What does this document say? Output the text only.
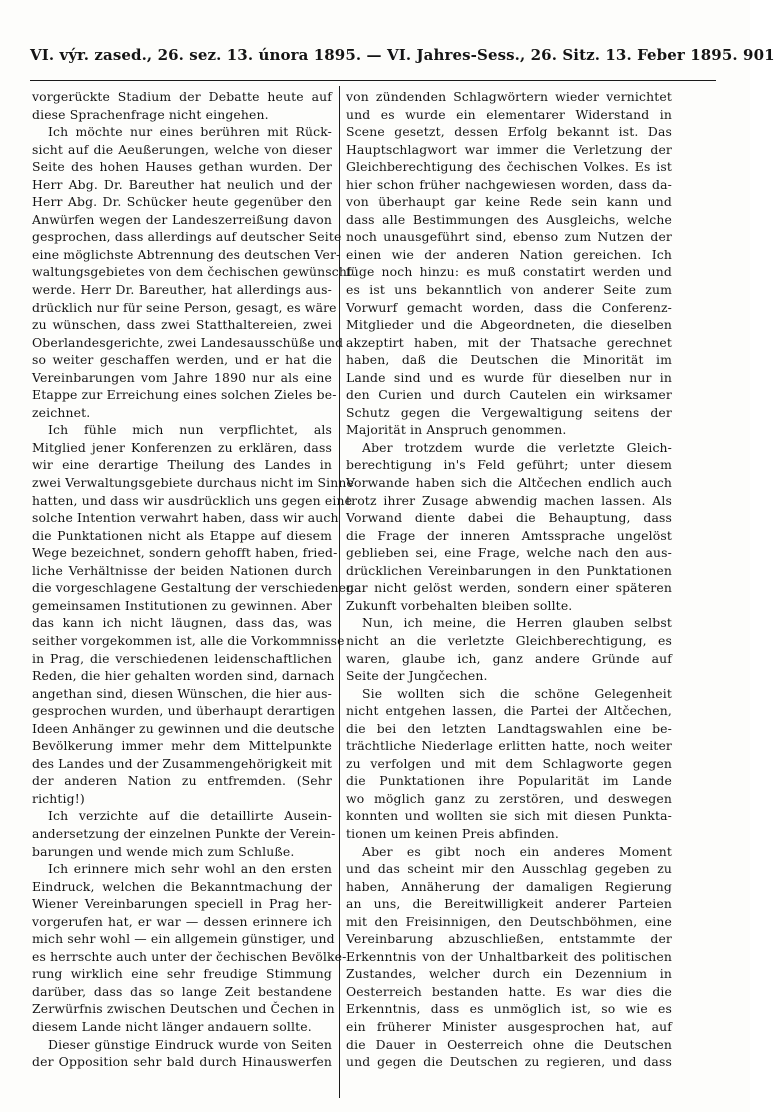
VI. výr. zased., 26. sez. 13. února 1895. — VI. Jahres-Sess., 26. Sitz. 13. Feber 1895. 901
vorgerückte Stadium der Debatte heute auf
diese Sprachenfrage nicht eingehen.
Ich möchte nur eines berühren mit Rück-
sicht auf die Aeußerungen, welche von dieser
Seite des hohen Hauses gethan wurden. Der
Herr Abg. Dr. Bareuther hat neulich und der
Herr Abg. Dr. Schücker heute gegenüber den
Anwürfen wegen der Landeszerreißung davon
gesprochen, dass allerdings auf deutscher Seite
eine möglichste Abtrennung des deutschen Ver-
waltungsgebietes von dem čechischen gewünscht
werde. Herr Dr. Bareuther, hat allerdings aus-
drücklich nur für seine Person, gesagt, es wäre
zu wünschen, dass zwei Statthaltereien, zwei
Oberlandesgerichte, zwei Landesausschüße und
so weiter geschaffen werden, und er hat die
Vereinbarungen vom Jahre 1890 nur als eine
Etappe zur Erreichung eines solchen Zieles be-
zeichnet.
Ich fühle mich nun verpflichtet, als
Mitglied jener Konferenzen zu erklären, dass
wir eine derartige Theilung des Landes in
zwei Verwaltungsgebiete durchaus nicht im Sinne
hatten, und dass wir ausdrücklich uns gegen eine
solche Intention verwahrt haben, dass wir auch
die Punktationen nicht als Etappe auf diesem
Wege bezeichnet, sondern gehofft haben, fried-
liche Verhältnisse der beiden Nationen durch
die vorgeschlagene Gestaltung der verschiedenen
gemeinsamen Institutionen zu gewinnen. Aber
das kann ich nicht läugnen, dass das, was
seither vorgekommen ist, alle die Vorkommnisse
in Prag, die verschiedenen leidenschaftlichen
Reden, die hier gehalten worden sind, darnach
angethan sind, diesen Wünschen, die hier aus-
gesprochen wurden, und überhaupt derartigen
Ideen Anhänger zu gewinnen und die deutsche
Bevölkerung immer mehr dem Mittelpunkte
des Landes und der Zusammengehörigkeit mit
der anderen Nation zu entfremden. (Sehr
richtig!)
Ich verzichte auf die detaillirte Ausein-
andersetzung der einzelnen Punkte der Verein-
barungen und wende mich zum Schluße.
Ich erinnere mich sehr wohl an den ersten
Eindruck, welchen die Bekanntmachung der
Wiener Vereinbarungen speciell in Prag her-
vorgerufen hat, er war — dessen erinnere ich
mich sehr wohl — ein allgemein günstiger, und
es herrschte auch unter der čechischen Bevölke-
rung wirklich eine sehr freudige Stimmung
darüber, dass das so lange Zeit bestandene
Zerwürfnis zwischen Deutschen und Čechen in
diesem Lande nicht länger andauern sollte.
Dieser günstige Eindruck wurde von Seiten
der Opposition sehr bald durch Hinauswerfen
von zündenden Schlagwörtern wieder vernichtet
und es wurde ein elementarer Widerstand in
Scene gesetzt, dessen Erfolg bekannt ist. Das
Hauptschlagwort war immer die Verletzung der
Gleichberechtigung des čechischen Volkes. Es ist
hier schon früher nachgewiesen worden, dass da-
von überhaupt gar keine Rede sein kann und
dass alle Bestimmungen des Ausgleichs, welche
noch unausgeführt sind, ebenso zum Nutzen der
einen wie der anderen Nation gereichen. Ich
füge noch hinzu: es muß constatirt werden und
es ist uns bekanntlich von anderer Seite zum
Vorwurf gemacht worden, dass die Conferenz-
Mitglieder und die Abgeordneten, die dieselben
akzeptirt haben, mit der Thatsache gerechnet
haben, daß die Deutschen die Minorität im
Lande sind und es wurde für dieselben nur in
den Curien und durch Cautelen ein wirksamer
Schutz gegen die Vergewaltigung seitens der
Majorität in Anspruch genommen.
Aber trotzdem wurde die verletzte Gleich-
berechtigung in's Feld geführt; unter diesem
Vorwande haben sich die Altčechen endlich auch
trotz ihrer Zusage abwendig machen lassen. Als
Vorwand diente dabei die Behauptung, dass
die Frage der inneren Amtssprache ungelöst
geblieben sei, eine Frage, welche nach den aus-
drücklichen Vereinbarungen in den Punktationen
gar nicht gelöst werden, sondern einer späteren
Zukunft vorbehalten bleiben sollte.
Nun, ich meine, die Herren glauben selbst
nicht an die verletzte Gleichberechtigung, es
waren, glaube ich, ganz andere Gründe auf
Seite der Jungčechen.
Sie wollten sich die schöne Gelegenheit
nicht entgehen lassen, die Partei der Altčechen,
die bei den letzten Landtagswahlen eine be-
trächtliche Niederlage erlitten hatte, noch weiter
zu verfolgen und mit dem Schlagworte gegen
die Punktationen ihre Popularität im Lande
wo möglich ganz zu zerstören, und deswegen
konnten und wollten sie sich mit diesen Punkta-
tionen um keinen Preis abfinden.
Aber es gibt noch ein anderes Moment
und das scheint mir den Ausschlag gegeben zu
haben, Annäherung der damaligen Regierung
an uns, die Bereitwilligkeit anderer Parteien
mit den Freisinnigen, den Deutschböhmen, eine
Vereinbarung abzuschließen, entstammte der
Erkenntnis von der Unhaltbarkeit des politischen
Zustandes, welcher durch ein Dezennium in
Oesterreich bestanden hatte. Es war dies die
Erkenntnis, dass es unmöglich ist, so wie es
ein früherer Minister ausgesprochen hat, auf
die Dauer in Oesterreich ohne die Deutschen
und gegen die Deutschen zu regieren, und dass
